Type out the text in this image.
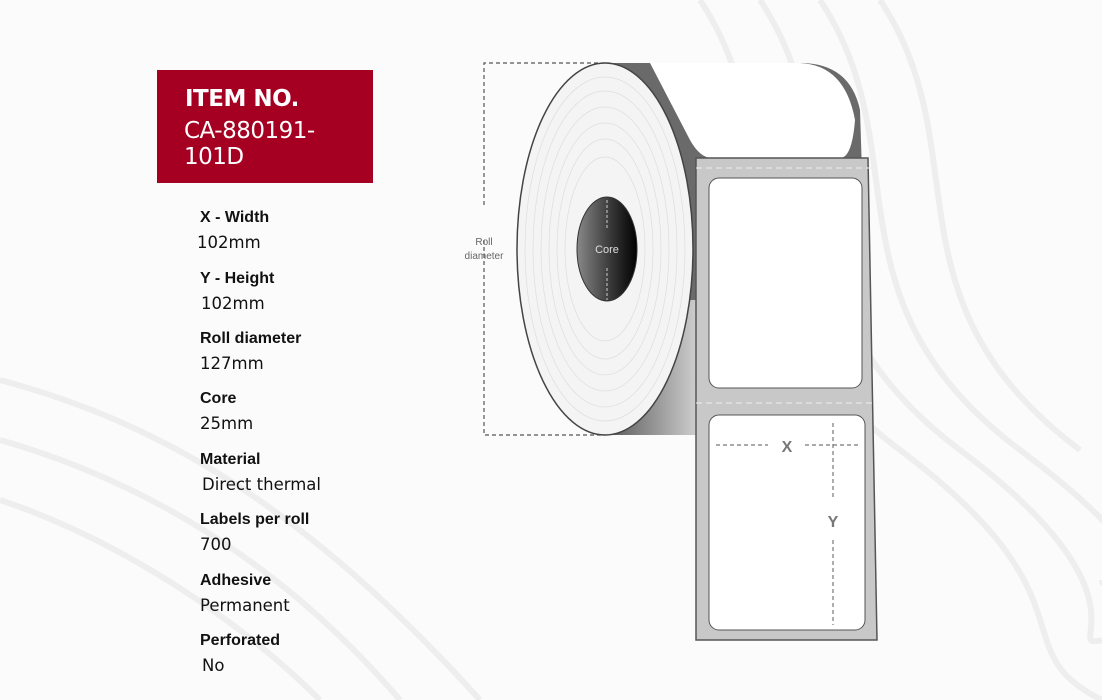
ITEM NO.
CA-880191-101D
X - Width
102mm
Y - Height
102mm
Roll diameter
127mm
Core
25mm
Material
Direct thermal
Labels per roll
700
Adhesive
Permanent
Perforated
No
Roll
diameter
Core
X
Y
